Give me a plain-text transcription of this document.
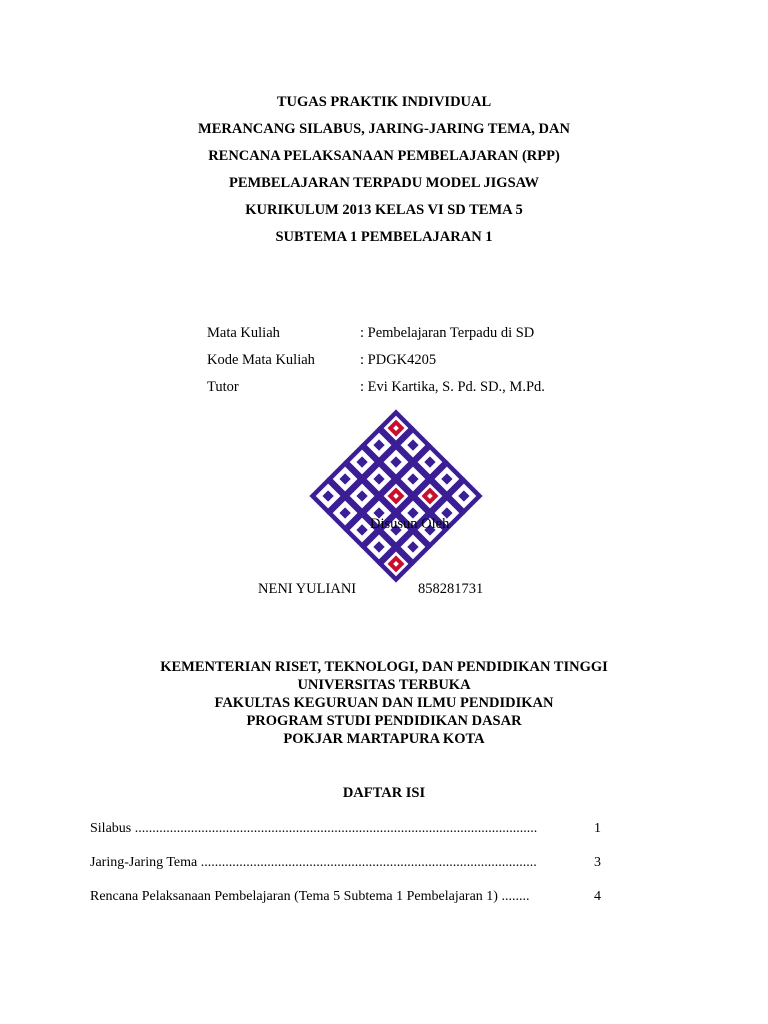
TUGAS PRAKTIK INDIVIDUAL
MERANCANG SILABUS, JARING-JARING TEMA, DAN
RENCANA PELAKSANAAN PEMBELAJARAN (RPP)
PEMBELAJARAN TERPADU MODEL JIGSAW
KURIKULUM 2013 KELAS VI SD TEMA 5
SUBTEMA 1 PEMBELAJARAN 1
Mata Kuliah	: Pembelajaran Terpadu di SD
Kode Mata Kuliah	: PDGK4205
Tutor	: Evi Kartika, S. Pd. SD., M.Pd.
Disusun Oleh
NENI YULIANI	858281731
KEMENTERIAN RISET, TEKNOLOGI, DAN PENDIDIKAN TINGGI
UNIVERSITAS TERBUKA
FAKULTAS KEGURUAN DAN ILMU PENDIDIKAN
PROGRAM STUDI PENDIDIKAN DASAR
POKJAR MARTAPURA KOTA
DAFTAR ISI
Silabus ...................................................................................................................	1
Jaring-Jaring Tema ................................................................................................	3
Rencana Pelaksanaan Pembelajaran (Tema 5 Subtema 1 Pembelajaran 1) ........	4
